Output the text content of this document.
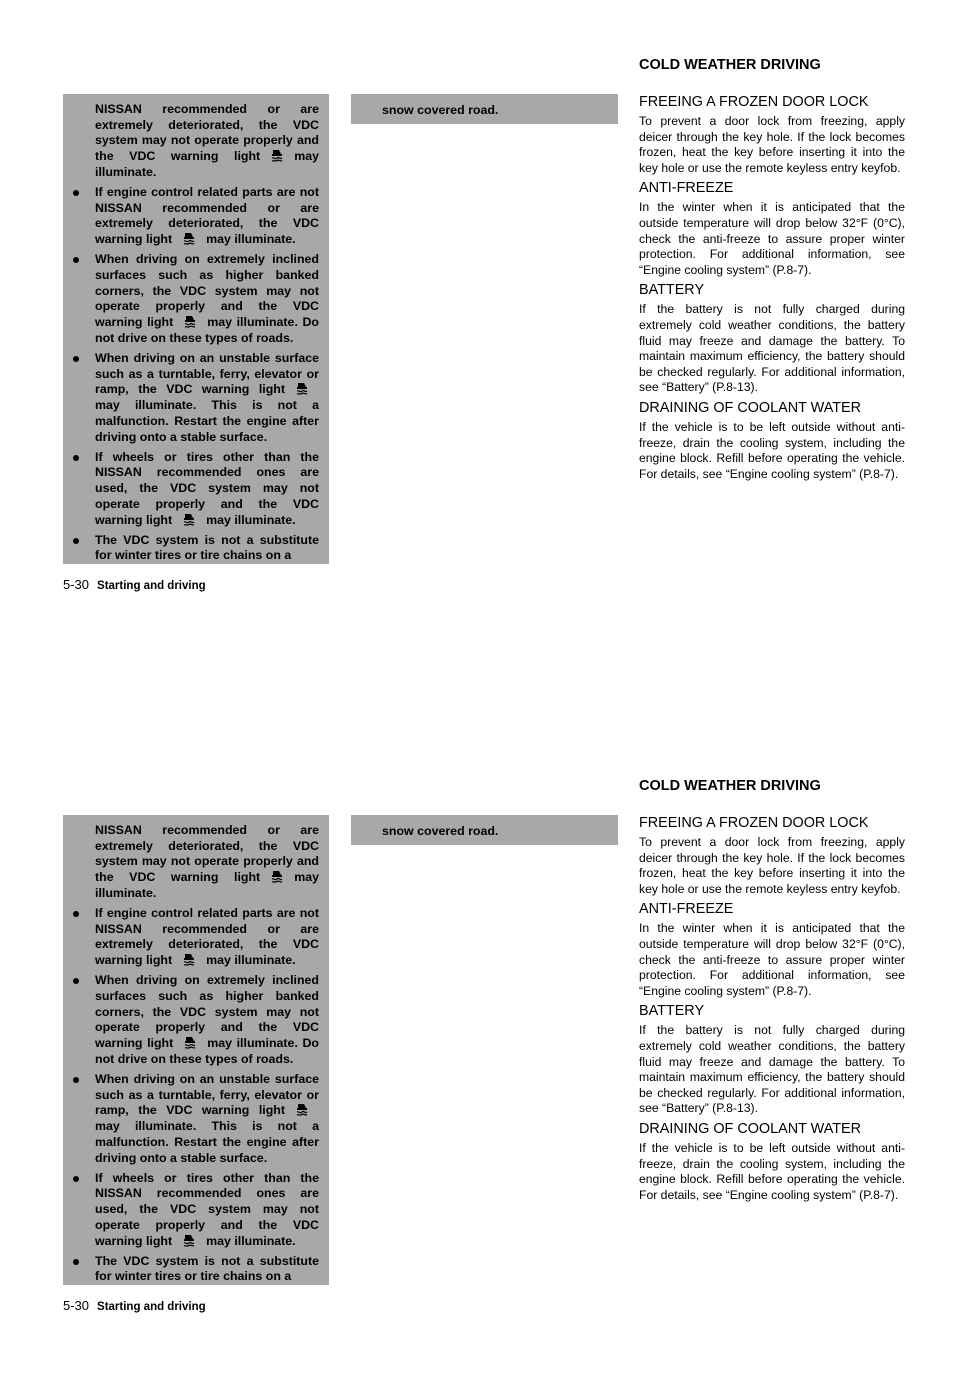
NISSAN recommended or are extremely deteriorated, the VDC system may not operate properly and the VDC warning light	may illuminate.

If engine control related parts are not NISSAN recommended or are extremely deteriorated, the VDC warning light	may illuminate.

When driving on extremely inclined surfaces such as higher banked corners, the VDC system may not operate properly and the VDC warning light	may illuminate. Do not drive on these types of roads.

When driving on an unstable surface such as a turntable, ferry, elevator or ramp, the VDC warning lightmay illuminate. This is not a malfunction. Restart the engine after driving onto a stable surface.

If wheels or tires other than the NISSAN recommended ones are used, the VDC system may not operate properly and the VDC warning light	may illuminate.

The VDC system is not a substitute for winter tires or tire chains on a

snow covered road.
5-30 Starting and driving
COLD WEATHER DRIVING
FREEING A FROZEN DOOR LOCK

To prevent a door lock from freezing, apply deicer through the key hole. If the lock becomes frozen, heat the key before inserting it into the key hole or use the remote keyless entry keyfob.

ANTI-FREEZE

In the winter when it is anticipated that the outside temperature will drop below 32°F (0°C), check the anti-freeze to assure proper winter protection. For additional information, see “Engine cooling system” (P.8-7).

BATTERY

If the battery is not fully charged during extremely cold weather conditions, the battery fluid may freeze and damage the battery. To maintain maximum efficiency, the battery should be checked regularly. For additional information, see “Battery” (P.8-13).

DRAINING OF COOLANT WATER

If the vehicle is to be left outside without anti-freeze, drain the cooling system, including the engine block. Refill before operating the vehicle. For details, see “Engine cooling system” (P.8-7).

NISSAN recommended or are extremely deteriorated, the VDC system may not operate properly and the VDC warning light	may illuminate.

If engine control related parts are not NISSAN recommended or are extremely deteriorated, the VDC warning light	may illuminate.

When driving on extremely inclined surfaces such as higher banked corners, the VDC system may not operate properly and the VDC warning light	may illuminate. Do not drive on these types of roads.

When driving on an unstable surface such as a turntable, ferry, elevator or ramp, the VDC warning lightmay illuminate. This is not a malfunction. Restart the engine after driving onto a stable surface.

If wheels or tires other than the NISSAN recommended ones are used, the VDC system may not operate properly and the VDC warning light	may illuminate.

The VDC system is not a substitute for winter tires or tire chains on a

snow covered road.
5-30 Starting and driving
COLD WEATHER DRIVING
FREEING A FROZEN DOOR LOCK

To prevent a door lock from freezing, apply deicer through the key hole. If the lock becomes frozen, heat the key before inserting it into the key hole or use the remote keyless entry keyfob.

ANTI-FREEZE

In the winter when it is anticipated that the outside temperature will drop below 32°F (0°C), check the anti-freeze to assure proper winter protection. For additional information, see “Engine cooling system” (P.8-7).

BATTERY

If the battery is not fully charged during extremely cold weather conditions, the battery fluid may freeze and damage the battery. To maintain maximum efficiency, the battery should be checked regularly. For additional information, see “Battery” (P.8-13).

DRAINING OF COOLANT WATER

If the vehicle is to be left outside without anti-freeze, drain the cooling system, including the engine block. Refill before operating the vehicle. For details, see “Engine cooling system” (P.8-7).
